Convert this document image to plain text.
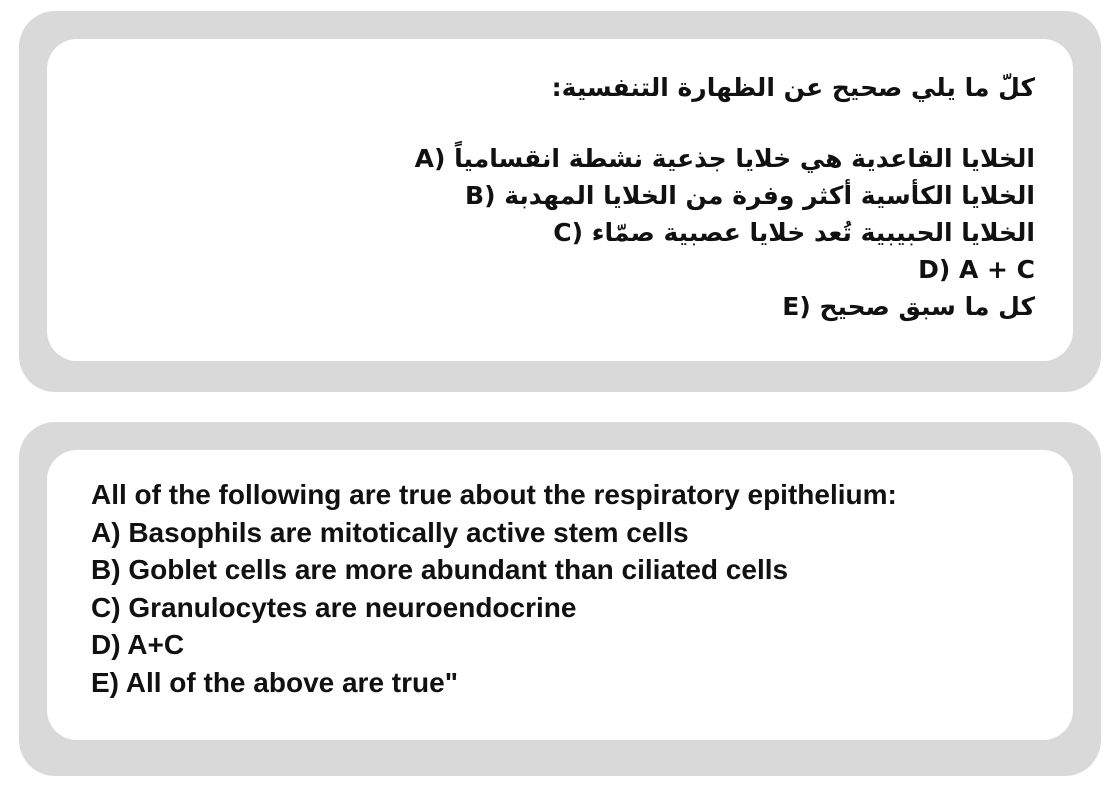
كلّ ما يلي صحيح عن الظهارة التنفسية:
الخلايا القاعدية هي خلايا جذعية نشطة انقسامياً (A
الخلايا الكأسية أكثر وفرة من الخلايا المهدبة (B
الخلايا الحبيبية تُعد خلايا عصبية صمّاء (C
D) A + C
كل ما سبق صحيح (E
All of the following are true about the respiratory epithelium:
A) Basophils are mitotically active stem cells
B) Goblet cells are more abundant than ciliated cells
C) Granulocytes are neuroendocrine
D) A+C
E) All of the above are true"
